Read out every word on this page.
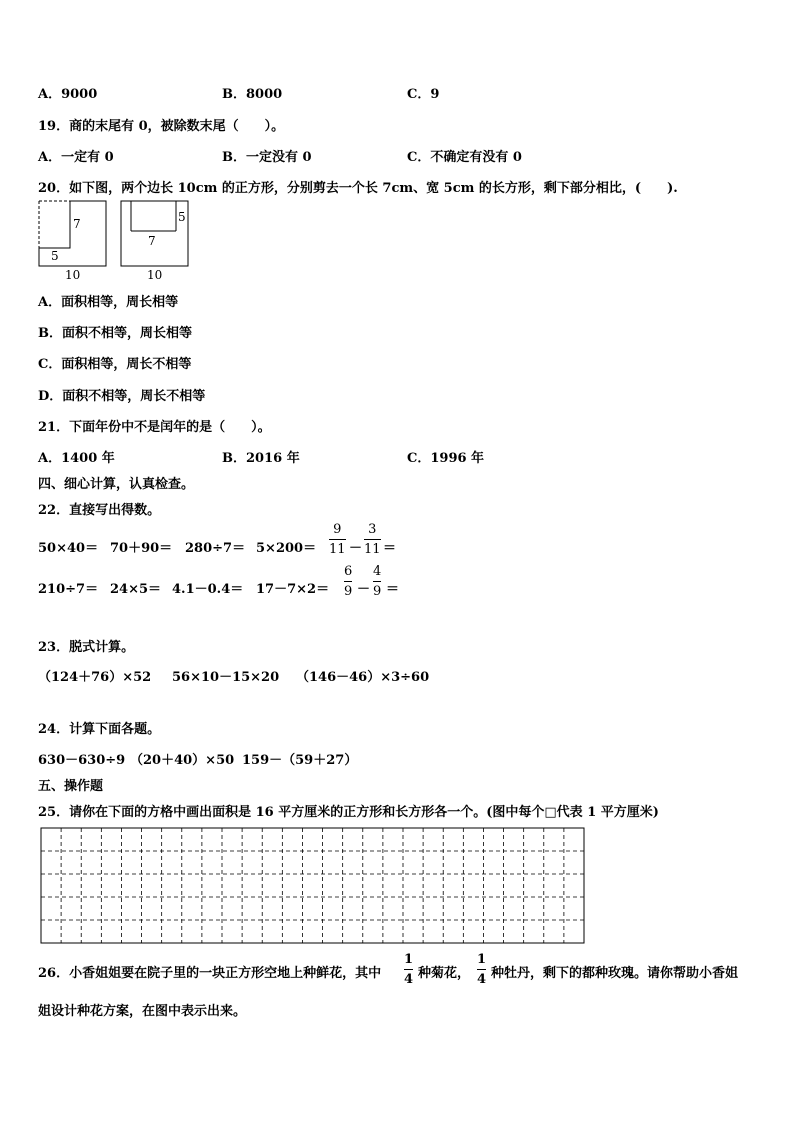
A．9000	B．8000	C．9
19．商的末尾有 0，被除数末尾（　　）。
A．一定有 0	B．一定没有 0	C．不确定有没有 0
20．如下图，两个边长 10cm 的正方形，分别剪去一个长 7cm、宽 5cm 的长方形，剩下部分相比，(　　).
7
5
10
5
7
10
A．面积相等，周长相等
B．面积不相等，周长相等
C．面积相等，周长不相等
D．面积不相等，周长不相等
21．下面年份中不是闰年的是（　　）。
A．1400 年	B．2016 年	C．1996 年
四、细心计算，认真检查。
22．直接写出得数。
50×40＝ 70＋90＝ 280÷7＝ 5×200＝
9
11 －
3
11 ＝
210÷7＝ 24×5＝ 4.1－0.4＝ 17－7×2＝
6
9 －
4
9 ＝
23．脱式计算。
（124＋76）×52 56×10－15×20 （146－46）×3÷60
24．计算下面各题。
630－630÷9 （20＋40）×50 159－（59＋27）
五、操作题
25．请你在下面的方格中画出面积是 16 平方厘米的正方形和长方形各一个。(图中每个□代表 1 平方厘米)
26．小香姐姐要在院子里的一块正方形空地上种鲜花，其中
1
4 种菊花，
1
4 种牡丹，剩下的都种玫瑰。请你帮助小香姐
姐设计种花方案，在图中表示出来。
